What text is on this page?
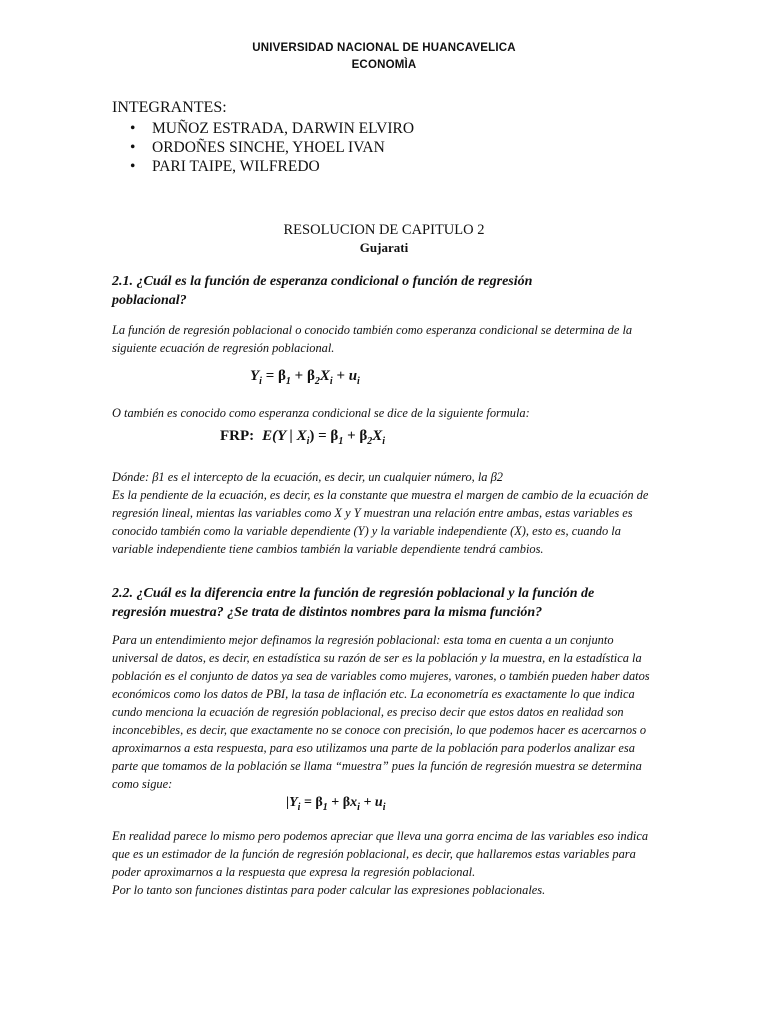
UNIVERSIDAD NACIONAL DE HUANCAVELICA
ECONOMÌA
INTEGRANTES:
• MUÑOZ ESTRADA, DARWIN ELVIRO
• ORDOÑES SINCHE, YHOEL IVAN
• PARI TAIPE, WILFREDO
RESOLUCION DE CAPITULO 2
Gujarati
2.1. ¿Cuál es la función de esperanza condicional o función de regresión
poblacional?
La función de regresión poblacional o conocido también como esperanza condicional se determina de la
siguiente ecuación de regresión poblacional.
$Y_i = \beta_1 + \beta_2X_i + u_i$
O también es conocido como esperanza condicional se dice de la siguiente formula:
FRP: E(Y | $X_i) = \beta_1 + \beta_2X_i$
Dónde: β1 es el intercepto de la ecuación, es decir, un cualquier número, la β2
Es la pendiente de la ecuación, es decir, es la constante que muestra el margen de cambio de la ecuación de
regresión lineal, mientas las variables como X y Y muestran una relación entre ambas, estas variables es
conocido también como la variable dependiente (Y) y la variable independiente (X), esto es, cuando la
variable independiente tiene cambios también la variable dependiente tendrá cambios.
2.2. ¿Cuál es la diferencia entre la función de regresión poblacional y la función de
regresión muestra? ¿Se trata de distintos nombres para la misma función?
Para un entendimiento mejor definamos la regresión poblacional: esta toma en cuenta a un conjunto
universal de datos, es decir, en estadística su razón de ser es la población y la muestra, en la estadística la
población es el conjunto de datos ya sea de variables como mujeres, varones, o también pueden haber datos
económicos como los datos de PBI, la tasa de inflación etc. La econometría es exactamente lo que indica
cundo menciona la ecuación de regresión poblacional, es preciso decir que estos datos en realidad son
inconcebibles, es decir, que exactamente no se conoce con precisión, lo que podemos hacer es acercarnos o
aproximarnos a esta respuesta, para eso utilizamos una parte de la población para poderlos analizar esa
parte que tomamos de la población se llama “muestra” pues la función de regresión muestra se determina
como sigue:
$|Y_i = \beta_1 + \beta x_i + u_i$
En realidad parece lo mismo pero podemos apreciar que lleva una gorra encima de las variables eso indica
que es un estimador de la función de regresión poblacional, es decir, que hallaremos estas variables para
poder aproximarnos a la respuesta que expresa la regresión poblacional.
Por lo tanto son funciones distintas para poder calcular las expresiones poblacionales.
